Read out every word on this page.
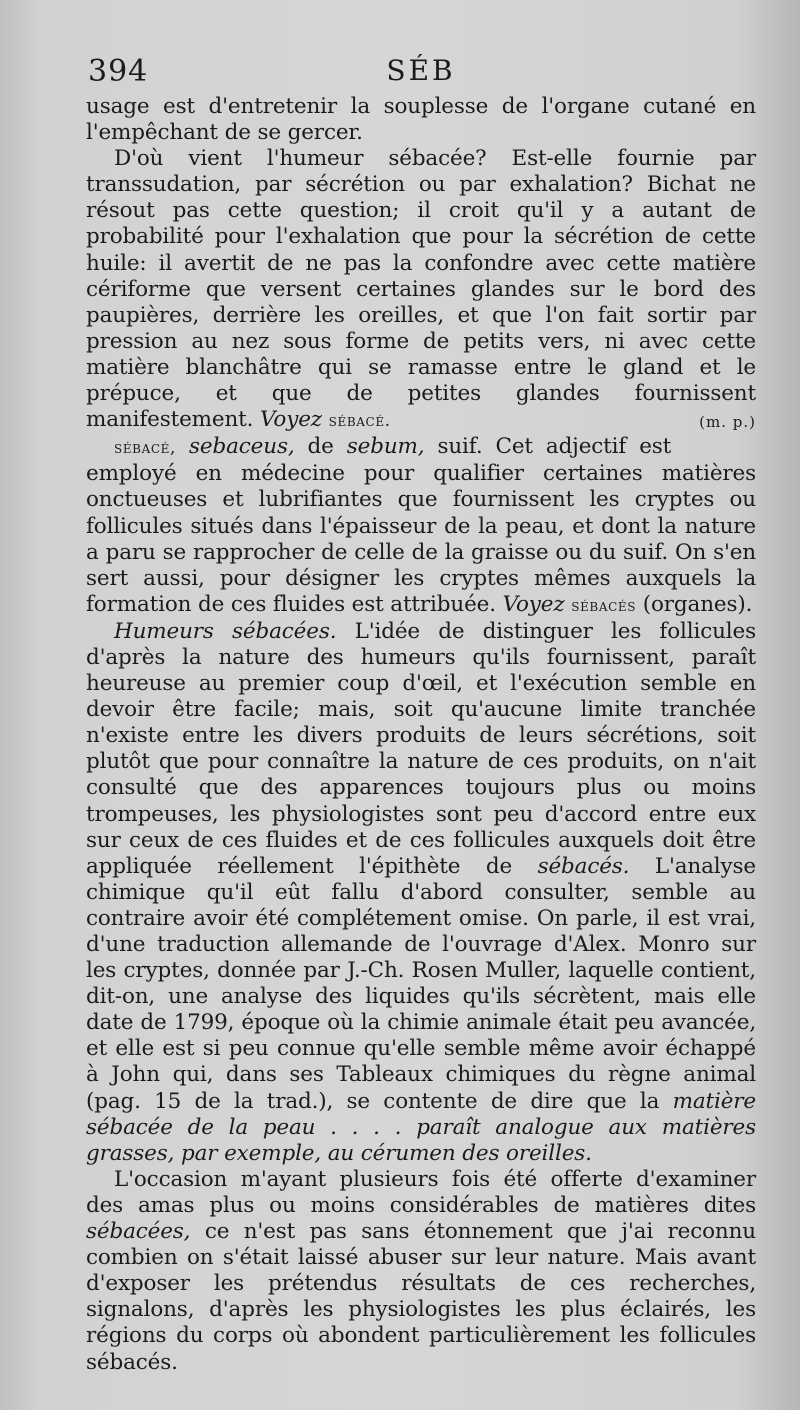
394	SÉB

usage est d'entretenir la souplesse de l'organe cutané en l'empêchant de se gercer.

D'où vient l'humeur sébacée? Est-elle fournie par transsudation, par sécrétion ou par exhalation? Bichat ne résout pas cette question; il croit qu'il y a autant de probabilité pour l'exhalation que pour la sécrétion de cette huile: il avertit de ne pas la confondre avec cette matière cériforme que versent certaines glandes sur le bord des paupières, derrière les oreilles, et que l'on fait sortir par pression au nez sous forme de petits vers, ni avec cette matière blanchâtre qui se ramasse entre le gland et le prépuce, et que de petites glandes fournissent manifestement. Voyez sébacé.	(m. p.)

sébacé, sebaceus, de sebum, suif. Cet adjectif est employé en médecine pour qualifier certaines matières onctueuses et lubrifiantes que fournissent les cryptes ou follicules situés dans l'épaisseur de la peau, et dont la nature a paru se rapprocher de celle de la graisse ou du suif. On s'en sert aussi, pour désigner les cryptes mêmes auxquels la formation de ces fluides est attribuée. Voyez sébacés (organes).

Humeurs sébacées. L'idée de distinguer les follicules d'après la nature des humeurs qu'ils fournissent, paraît heureuse au premier coup d'œil, et l'exécution semble en devoir être facile; mais, soit qu'aucune limite tranchée n'existe entre les divers produits de leurs sécrétions, soit plutôt que pour connaître la nature de ces produits, on n'ait consulté que des apparences toujours plus ou moins trompeuses, les physiologistes sont peu d'accord entre eux sur ceux de ces fluides et de ces follicules auxquels doit être appliquée réellement l'épithète de sébacés. L'analyse chimique qu'il eût fallu d'abord consulter, semble au contraire avoir été complétement omise. On parle, il est vrai, d'une traduction allemande de l'ouvrage d'Alex. Monro sur les cryptes, donnée par J.-Ch. Rosen Muller, laquelle contient, dit-on, une analyse des liquides qu'ils sécrètent, mais elle date de 1799, époque où la chimie animale était peu avancée, et elle est si peu connue qu'elle semble même avoir échappé à John qui, dans ses Tableaux chimiques du règne animal (pag. 15 de la trad.), se contente de dire que la matière sébacée de la peau . . . . paraît analogue aux matières grasses, par exemple, au cérumen des oreilles.

L'occasion m'ayant plusieurs fois été offerte d'examiner des amas plus ou moins considérables de matières dites sébacées, ce n'est pas sans étonnement que j'ai reconnu combien on s'était laissé abuser sur leur nature. Mais avant d'exposer les prétendus résultats de ces recherches, signalons, d'après les physiologistes les plus éclairés, les régions du corps où abondent particulièrement les follicules sébacés.
